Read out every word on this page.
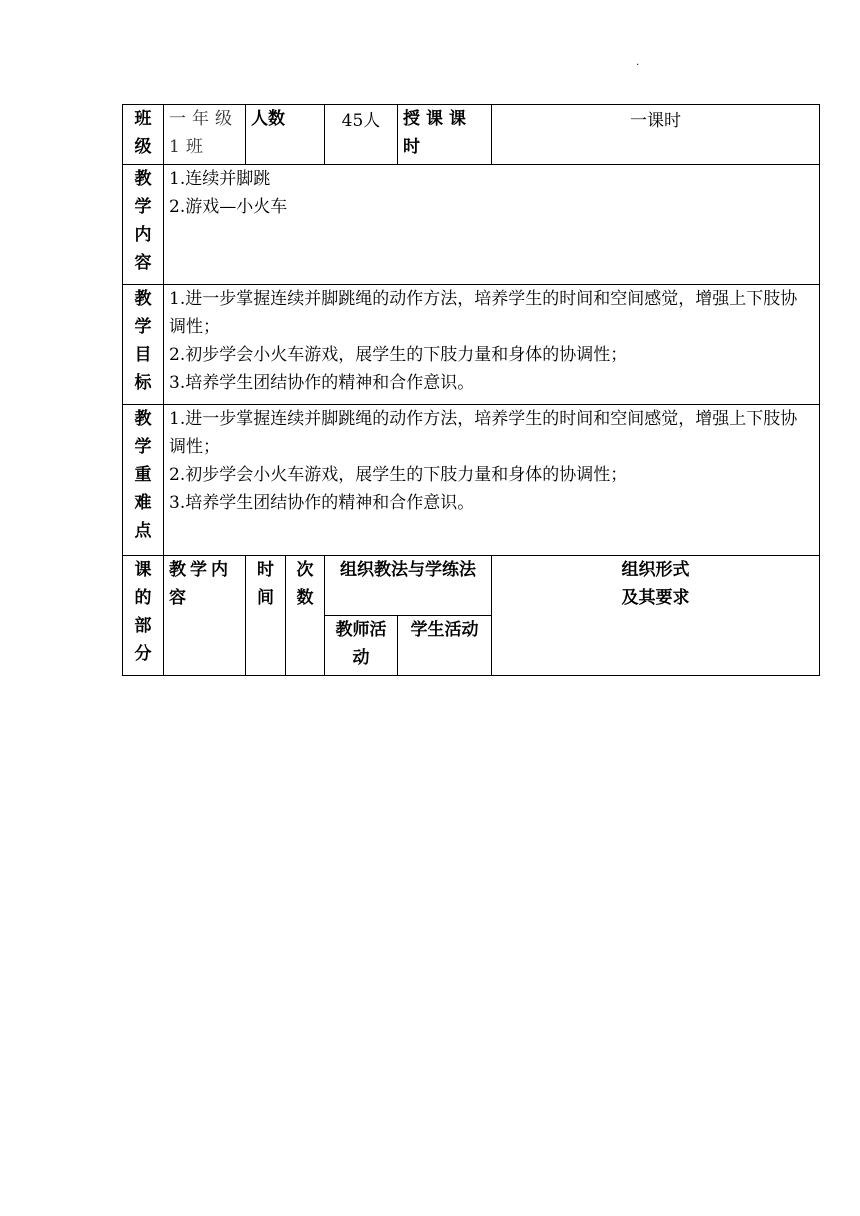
.
班级	一年级1班	人数		45人	授课课时	一课时

教学内容	1.连续并脚跳
2.游戏—小火车					

教学目标	1.进一步掌握连续并脚跳绳的动作方法，培养学生的时间和空间感觉，增强上下肢协调性；
2.初步学会小火车游戏，展学生的下肢力量和身体的协调性；
3.培养学生团结协作的精神和合作意识。					

教学重难点	1.进一步掌握连续并脚跳绳的动作方法，培养学生的时间和空间感觉，增强上下肢协调性；
2.初步学会小火车游戏，展学生的下肢力量和身体的协调性；
3.培养学生团结协作的精神和合作意识。					

课的部分	教学内容	时间	次数	组织教法与学练法		组织形式
及其要求

				教师活动	学生活动	
